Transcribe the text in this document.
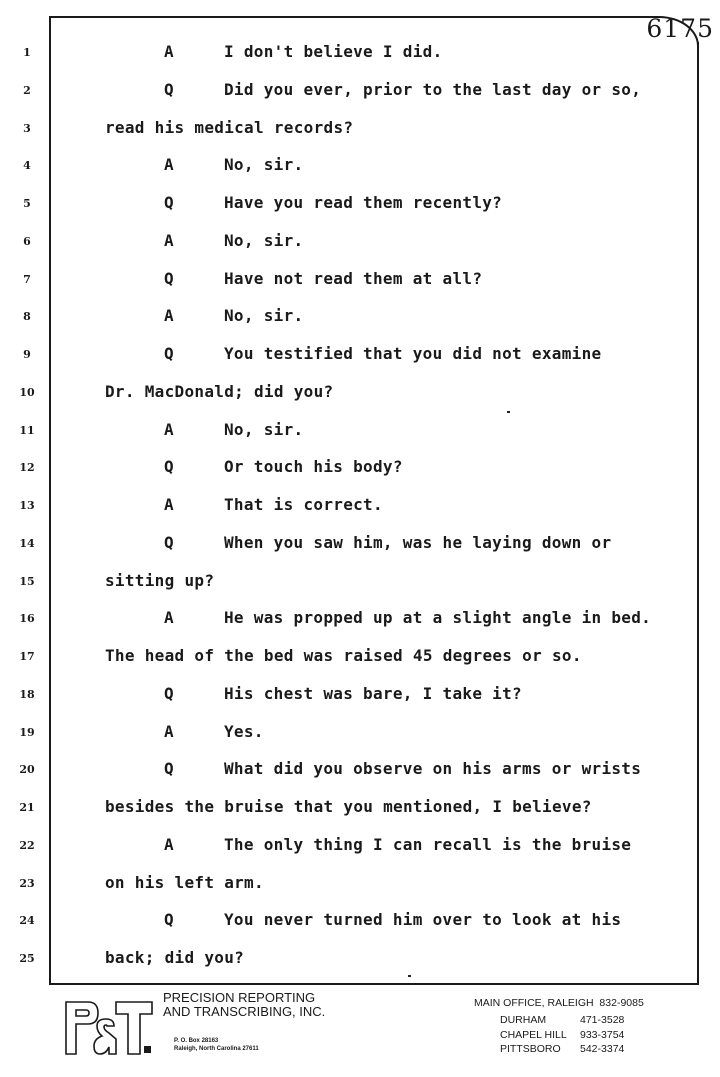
6175
1	A	I don't believe I did.
2	Q	Did you ever, prior to the last day or so,
3	read his medical records?
4	A	No, sir.
5	Q	Have you read them recently?
6	A	No, sir.
7	Q	Have not read them at all?
8	A	No, sir.
9	Q	You testified that you did not examine
10	Dr. MacDonald; did you?
11	A	No, sir.
12	Q	Or touch his body?
13	A	That is correct.
14	Q	When you saw him, was he laying down or
15	sitting up?
16	A	He was propped up at a slight angle in bed.
17	The head of the bed was raised 45 degrees or so.
18	Q	His chest was bare, I take it?
19	A	Yes.
20	Q	What did you observe on his arms or wrists
21	besides the bruise that you mentioned, I believe?
22	A	The only thing I can recall is the bruise
23	on his left arm.
24	Q	You never turned him over to look at his
25	back; did you?
PRECISION REPORTING
AND TRANSCRIBING, INC.
P. O. Box 28163
Raleigh, North Carolina 27611
MAIN OFFICE, RALEIGH  832-9085
DURHAM	471-3528
CHAPEL HILL 933-3754
PITTSBORO 542-3374
